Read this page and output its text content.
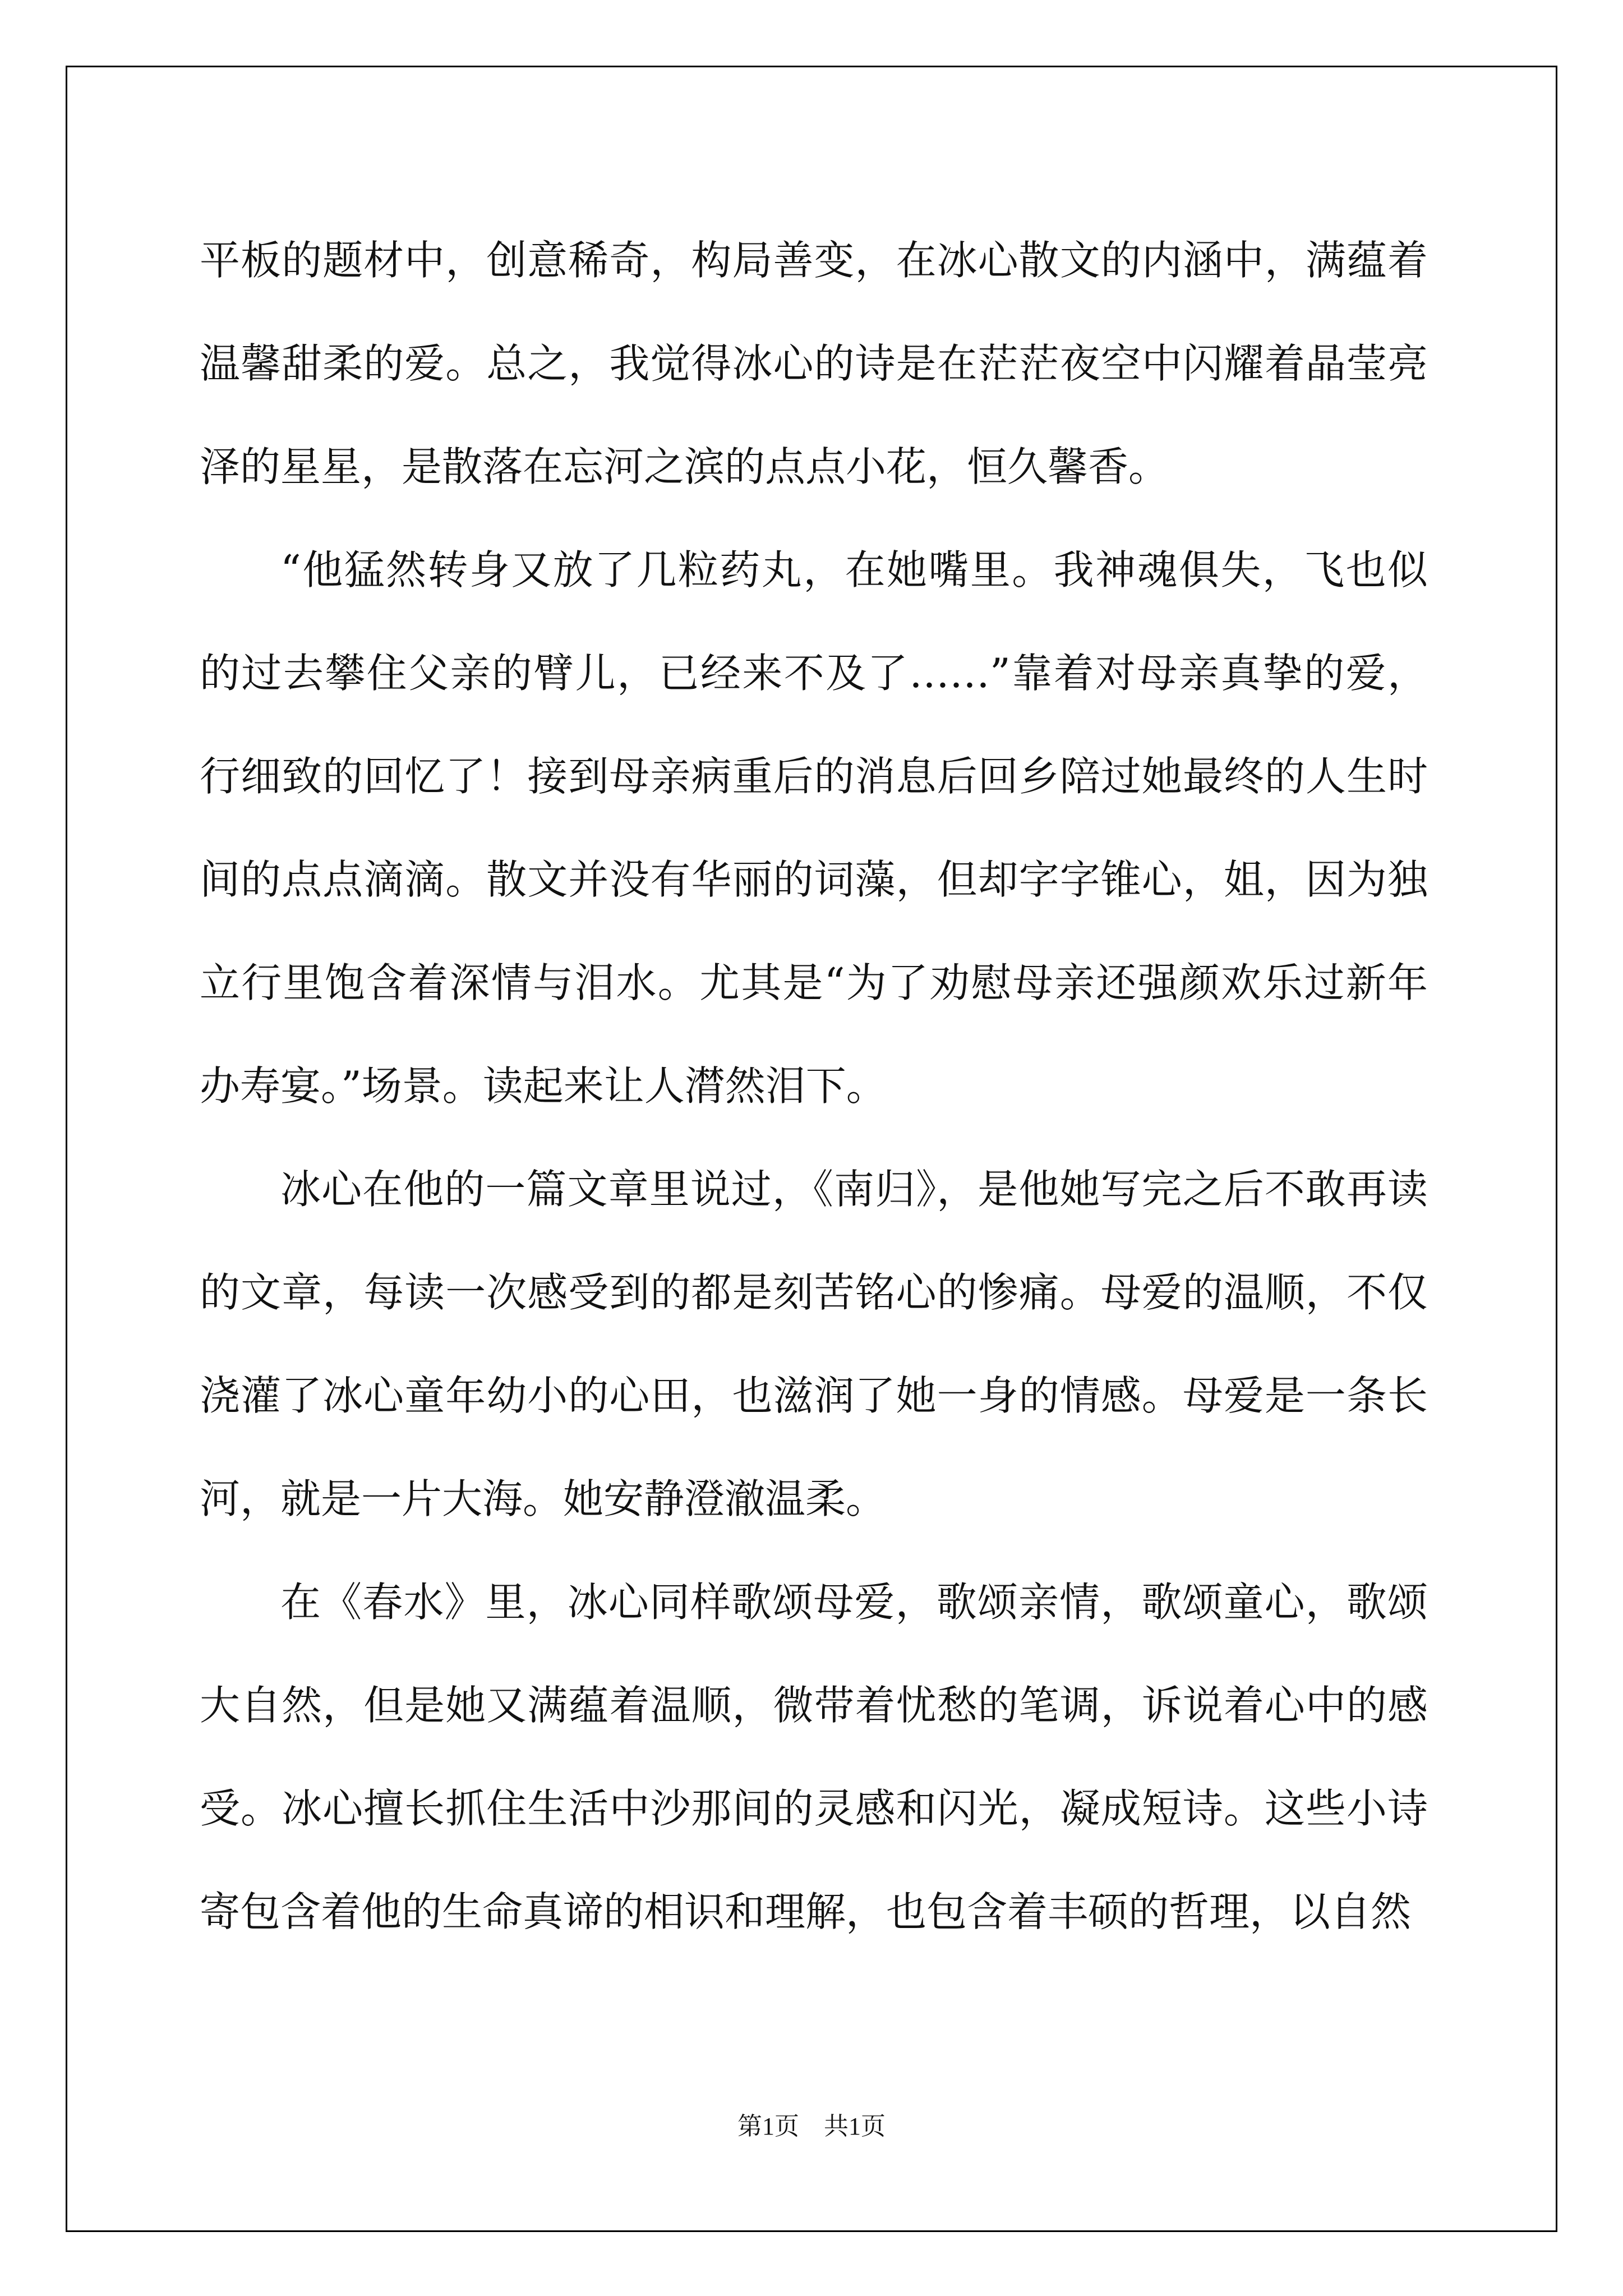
平板的题材中，创意稀奇，构局善变，在冰心散文的内涵中，满蕴着温馨甜柔的爱。总之，我觉得冰心的诗是在茫茫夜空中闪耀着晶莹亮泽的星星，是散落在忘河之滨的点点小花，恒久馨香。

“他猛然转身又放了几粒药丸，在她嘴里。我神魂俱失，飞也似的过去攀住父亲的臂儿，已经来不及了……”靠着对母亲真挚的爱，行细致的回忆了！接到母亲病重后的消息后回乡陪过她最终的人生时间的点点滴滴。散文并没有华丽的词藻，但却字字锥心，姐，因为独立行里饱含着深情与泪水。尤其是“为了劝慰母亲还强颜欢乐过新年办寿宴。”场景。读起来让人潸然泪下。

冰心在他的一篇文章里说过，《南归》，是他她写完之后不敢再读的文章，每读一次感受到的都是刻苦铭心的惨痛。母爱的温顺，不仅浇灌了冰心童年幼小的心田，也滋润了她一身的情感。母爱是一条长河，就是一片大海。她安静澄澈温柔。

在《春水》里，冰心同样歌颂母爱，歌颂亲情，歌颂童心，歌颂大自然，但是她又满蕴着温顺，微带着忧愁的笔调，诉说着心中的感受。冰心擅长抓住生活中沙那间的灵感和闪光，凝成短诗。这些小诗寄包含着他的生命真谛的相识和理解，也包含着丰硕的哲理，以自然

第1页 共1页
